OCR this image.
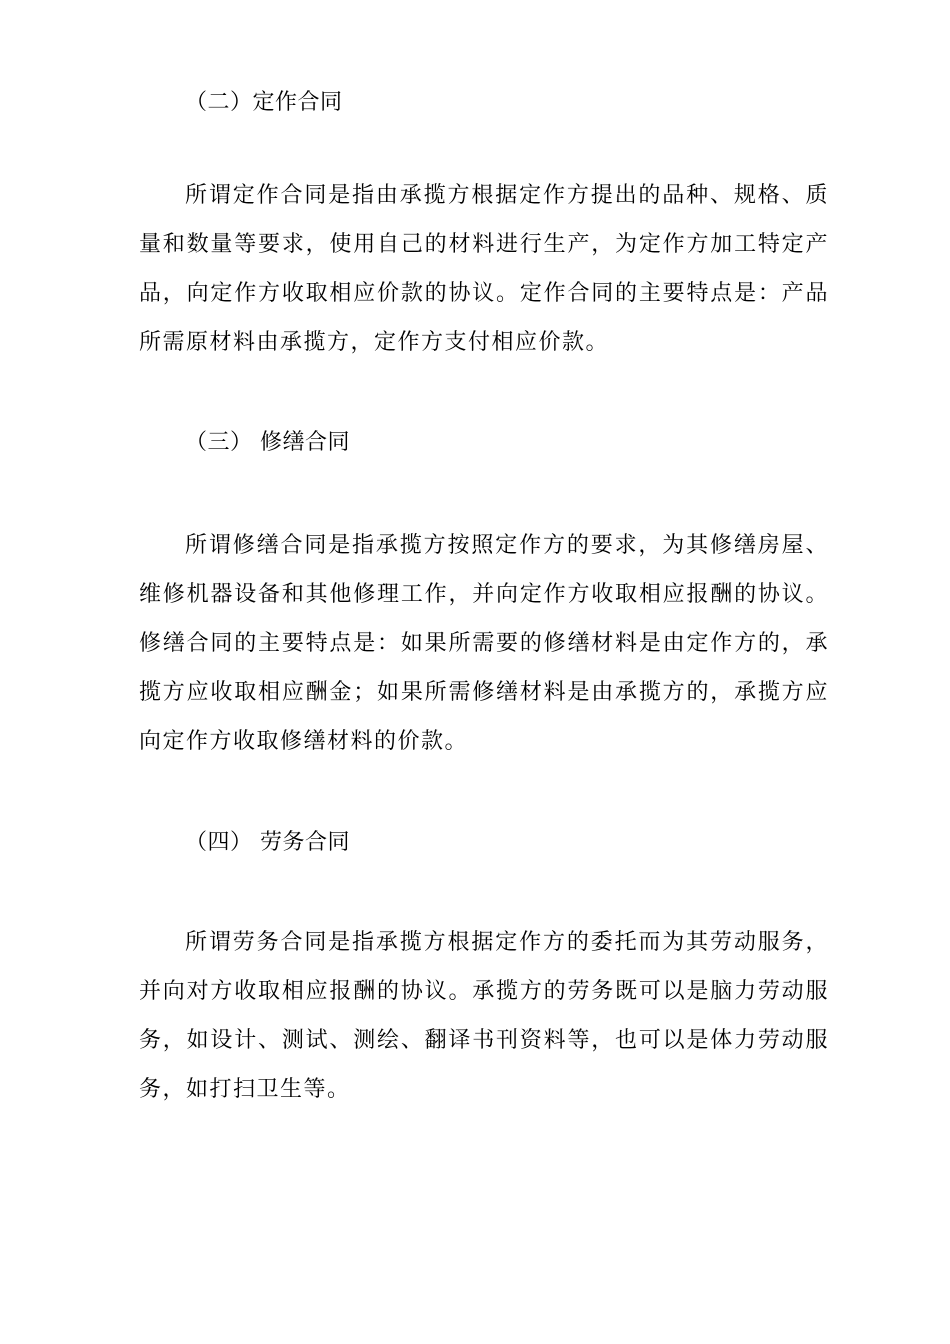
（二）定作合同

所谓定作合同是指由承揽方根据定作方提出的品种、规格、质量和数量等要求，使用自己的材料进行生产，为定作方加工特定产品，向定作方收取相应价款的协议。定作合同的主要特点是：产品所需原材料由承揽方，定作方支付相应价款。

（三） 修缮合同

所谓修缮合同是指承揽方按照定作方的要求，为其修缮房屋、维修机器设备和其他修理工作，并向定作方收取相应报酬的协议。修缮合同的主要特点是：如果所需要的修缮材料是由定作方的，承揽方应收取相应酬金；如果所需修缮材料是由承揽方的，承揽方应向定作方收取修缮材料的价款。

（四） 劳务合同

所谓劳务合同是指承揽方根据定作方的委托而为其劳动服务，并向对方收取相应报酬的协议。承揽方的劳务既可以是脑力劳动服务，如设计、测试、测绘、翻译书刊资料等，也可以是体力劳动服务，如打扫卫生等。
